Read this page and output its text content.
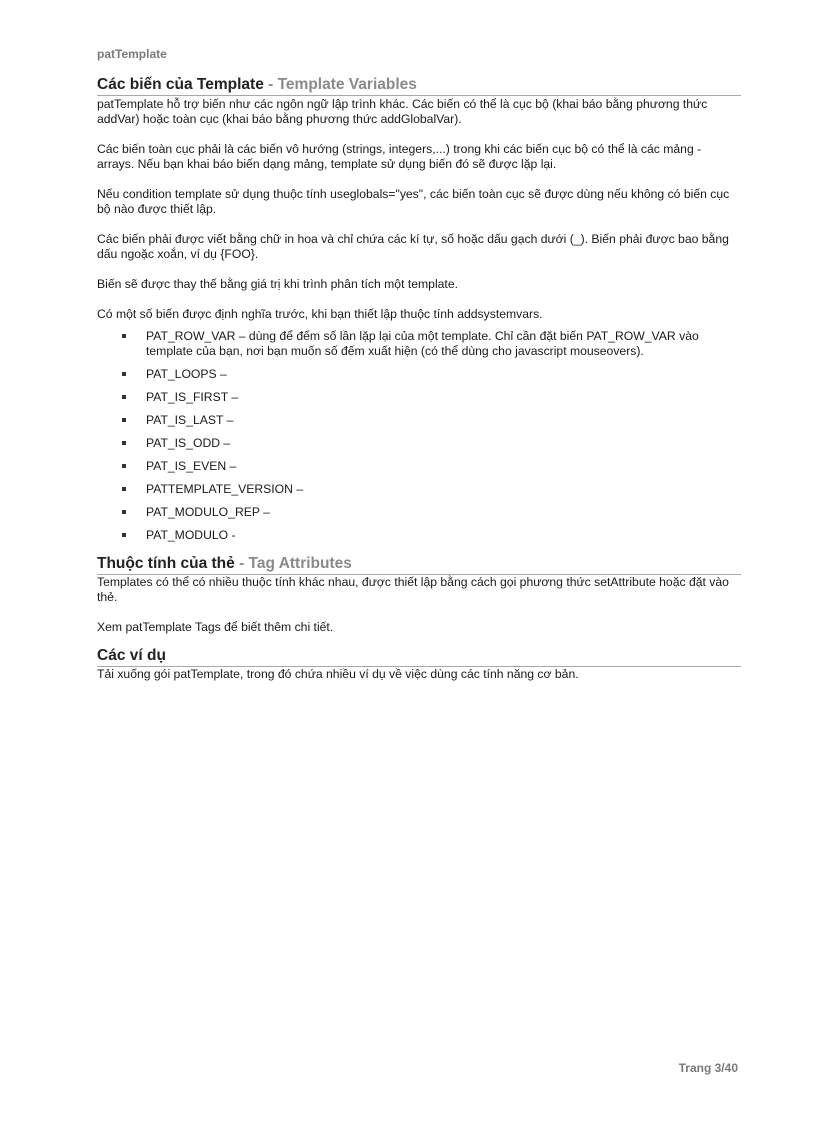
patTemplate
Các biến của Template - Template Variables

patTemplate hỗ trợ biến như các ngôn ngữ lập trình khác. Các biến có thể là cục bộ (khai báo bằng phương thức addVar) hoặc toàn cục (khai báo bằng phương thức addGlobalVar).

Các biến toàn cục phải là các biến vô hướng (strings, integers,...) trong khi các biến cục bộ có thể là các mảng - arrays. Nếu bạn khai báo biến dạng mảng, template sử dụng biến đó sẽ được lặp lại.

Nếu condition template sử dụng thuộc tính useglobals="yes", các biến toàn cục sẽ được dùng nếu không có biến cục bộ nào được thiết lập.

Các biến phải được viết bằng chữ in hoa và chỉ chứa các kí tự, số hoặc dấu gạch dưới (_). Biến phải được bao bằng dấu ngoặc xoắn, ví dụ {FOO}.

Biến sẽ được thay thế bằng giá trị khi trình phân tích một template.

Có một số biến được định nghĩa trước, khi bạn thiết lập thuộc tính addsystemvars.

PAT_ROW_VAR – dùng để đếm số lần lặp lại của một template. Chỉ cần đặt biến PAT_ROW_VAR vào template của bạn, nơi bạn muốn số đếm xuất hiện (có thể dùng cho javascript mouseovers).
PAT_LOOPS –
PAT_IS_FIRST –
PAT_IS_LAST –
PAT_IS_ODD –
PAT_IS_EVEN –
PATTEMPLATE_VERSION –
PAT_MODULO_REP –
PAT_MODULO -
Thuộc tính của thẻ - Tag Attributes

Templates có thể có nhiều thuộc tính khác nhau, được thiết lập bằng cách gọi phương thức setAttribute hoặc đặt vào thẻ.

Xem patTemplate Tags để biết thêm chi tiết.

Các ví dụ

Tải xuống gói patTemplate, trong đó chứa nhiều ví dụ về việc dùng các tính năng cơ bản.

Trang 3/40
